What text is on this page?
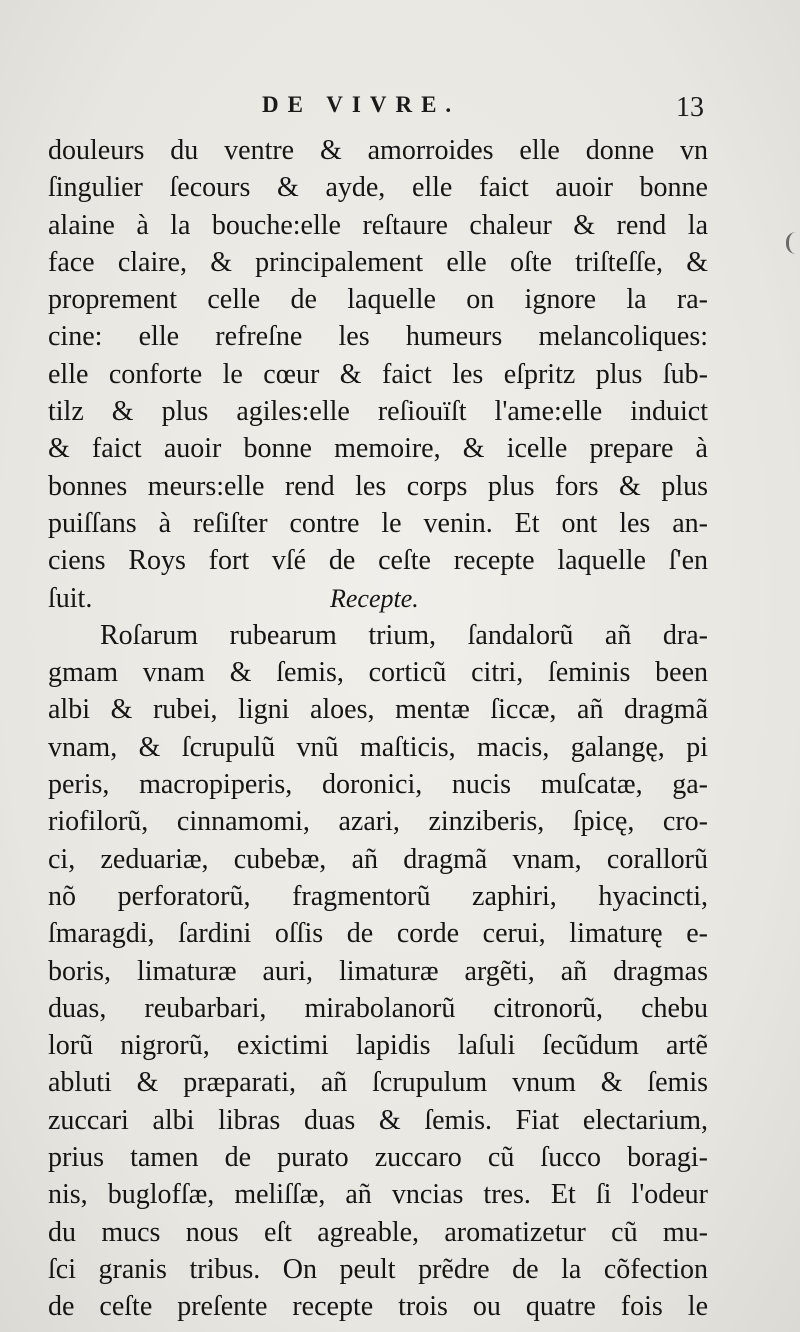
DE VIVRE.	13
douleurs du ventre & amorroides elle donne vn
ſingulier ſecours & ayde, elle faict auoir bonne
alaine à la bouche:elle reſtaure chaleur & rend la
face claire, & principalement elle oſte triſteſſe, &
proprement celle de laquelle on ignore la ra-
cine: elle refreſne les humeurs melancoliques:
elle conforte le cœur & faict les eſpritz plus ſub-
tilz & plus agiles:elle reſiouïſt l'ame:elle induict
& faict auoir bonne memoire, & icelle prepare à
bonnes meurs:elle rend les corps plus fors & plus
puiſſans à reſiſter contre le venin. Et ont les an-
ciens Roys fort vſé de ceſte recepte laquelle ſ'en
ſuit.	Recepte.
Roſarum rubearum trium, ſandalorũ añ dra-
gmam vnam & ſemis, corticũ citri, ſeminis been
albi & rubei, ligni aloes, mentæ ſiccæ, añ dragmã
vnam, & ſcrupulũ vnũ maſticis, macis, galangę, pi
peris, macropiperis, doronici, nucis muſcatæ, ga-
riofilorũ, cinnamomi, azari, zinziberis, ſpicę, cro-
ci, zeduariæ, cubebæ, añ dragmã vnam, corallorũ
nõ perforatorũ, fragmentorũ zaphiri, hyacincti,
ſmaragdi, ſardini oſſis de corde cerui, limaturę e-
boris, limaturæ auri, limaturæ argẽti, añ dragmas
duas, reubarbari, mirabolanorũ citronorũ, chebu
lorũ nigrorũ, exictimi lapidis laſuli ſecũdum artẽ
abluti & præparati, añ ſcrupulum vnum & ſemis
zuccari albi libras duas & ſemis. Fiat electarium,
prius tamen de purato zuccaro cũ ſucco boragi-
nis, buglofſæ, meliſſæ, añ vncias tres. Et ſi l'odeur
du mucs nous eſt agreable, aromatizetur cũ mu-
ſci granis tribus. On peult prẽdre de la cõfection
de ceſte preſente recepte trois ou quatre fois le
